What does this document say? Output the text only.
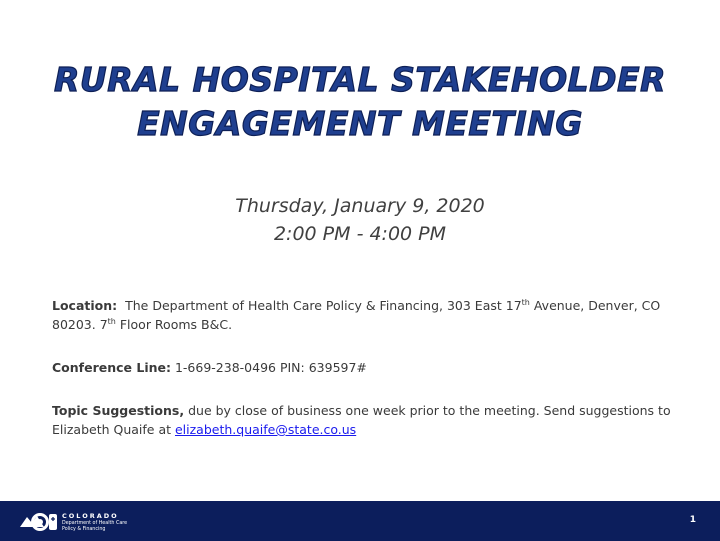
RURAL HOSPITAL STAKEHOLDER
ENGAGEMENT MEETING
Thursday, January 9, 2020
2:00 PM - 4:00 PM

Location: The Department of Health Care Policy & Financing, 303 East 17th Avenue, Denver, CO 80203. 7th Floor Rooms B&C.

Conference Line: 1-669-238-0496 PIN: 639597#

Topic Suggestions, due by close of business one week prior to the meeting. Send suggestions to Elizabeth Quaife at elizabeth.quaife@state.co.us

COLORADO
Department of Health Care
Policy & Financing
1
